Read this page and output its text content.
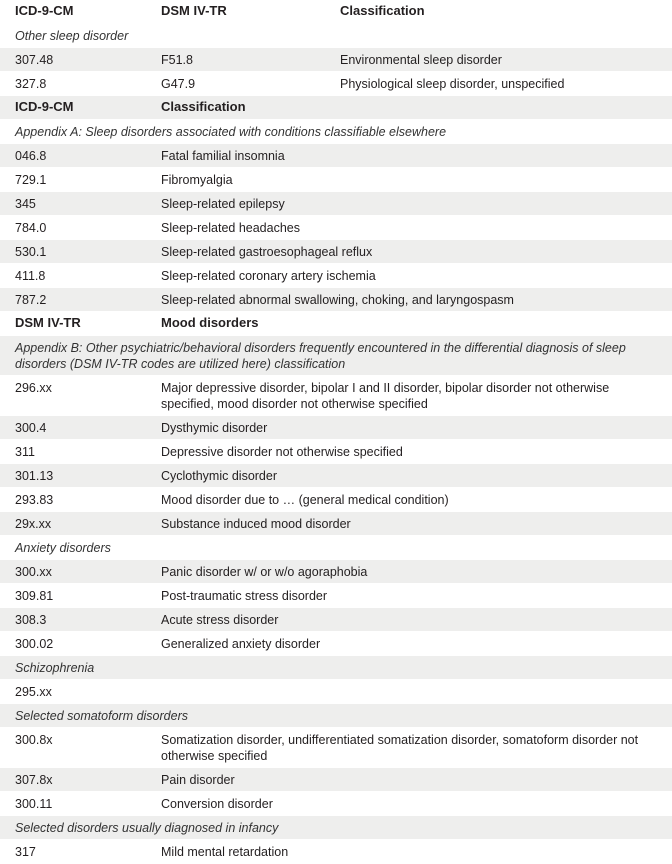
ICD-9-CM	DSM IV-TR	Classification
Other sleep disorder
307.48	F51.8	Environmental sleep disorder
327.8	G47.9	Physiological sleep disorder, unspecified
ICD-9-CM	Classification
Appendix A: Sleep disorders associated with conditions classifiable elsewhere
046.8	Fatal familial insomnia
729.1	Fibromyalgia
345	Sleep-related epilepsy
784.0	Sleep-related headaches
530.1	Sleep-related gastroesophageal reflux
411.8	Sleep-related coronary artery ischemia
787.2	Sleep-related abnormal swallowing, choking, and laryngospasm
DSM IV-TR	Mood disorders
Appendix B: Other psychiatric/behavioral disorders frequently encountered in the differential diagnosis of sleep disorders (DSM IV-TR codes are utilized here) classification
296.xx	Major depressive disorder, bipolar I and II disorder, bipolar disorder not otherwise specified, mood disorder not otherwise specified
300.4	Dysthymic disorder
311	Depressive disorder not otherwise specified
301.13	Cyclothymic disorder
293.83	Mood disorder due to … (general medical condition)
29x.xx	Substance induced mood disorder
Anxiety disorders
300.xx	Panic disorder w/ or w/o agoraphobia
309.81	Post-traumatic stress disorder
308.3	Acute stress disorder
300.02	Generalized anxiety disorder
Schizophrenia
295.xx
Selected somatoform disorders
300.8x	Somatization disorder, undifferentiated somatization disorder, somatoform disorder not otherwise specified
307.8x	Pain disorder
300.11	Conversion disorder
Selected disorders usually diagnosed in infancy
317	Mild mental retardation
